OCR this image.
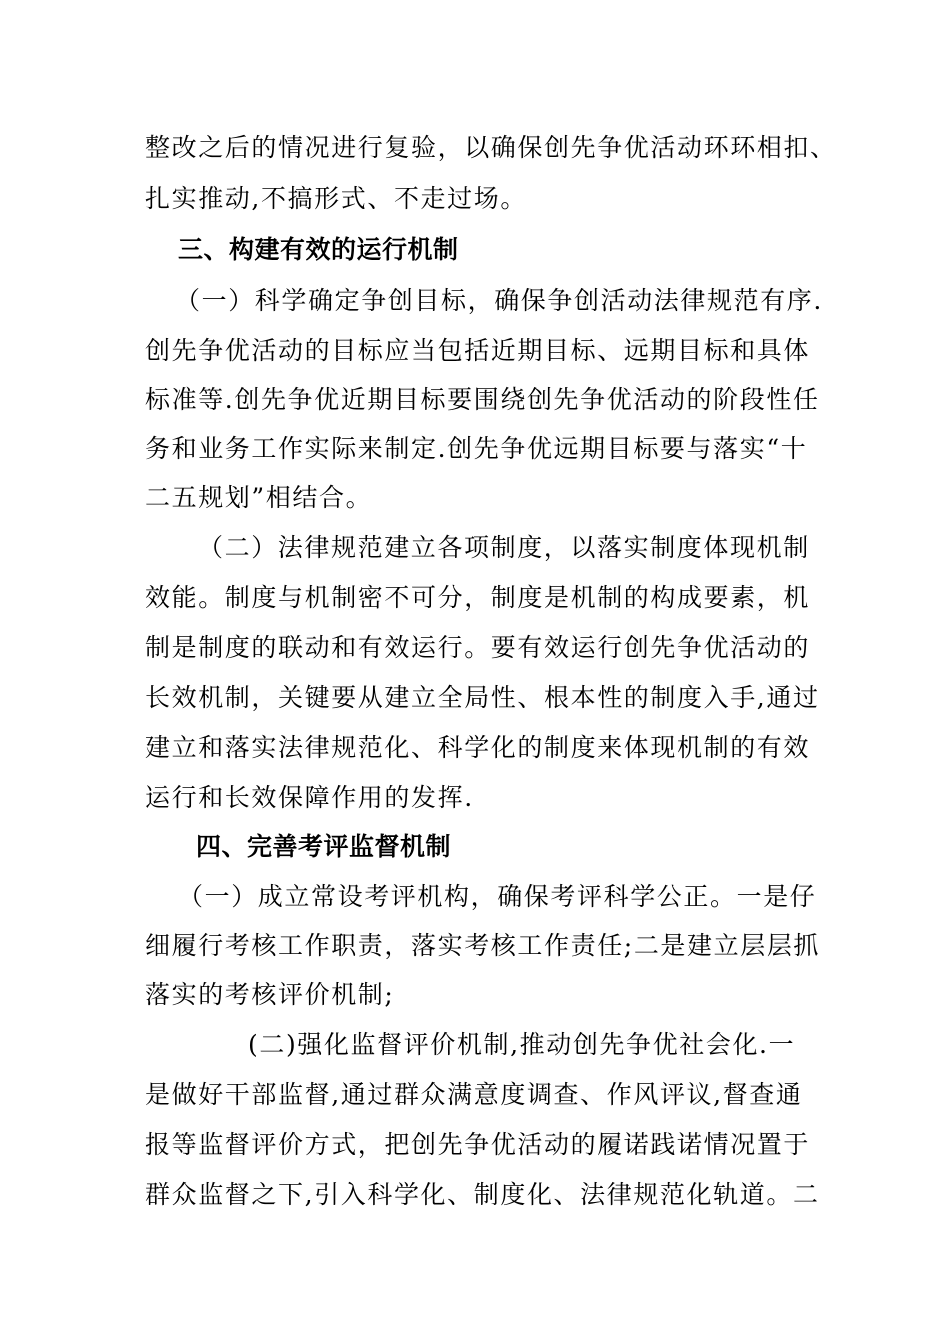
整改之后的情况进行复验，以确保创先争优活动环环相扣、
扎实推动,不搞形式、不走过场。
三、构建有效的运行机制
（一）科学确定争创目标，确保争创活动法律规范有序.
创先争优活动的目标应当包括近期目标、远期目标和具体
标准等.创先争优近期目标要围绕创先争优活动的阶段性任
务和业务工作实际来制定.创先争优远期目标要与落实“十
二五规划”相结合。
（二）法律规范建立各项制度，以落实制度体现机制
效能。制度与机制密不可分，制度是机制的构成要素，机
制是制度的联动和有效运行。要有效运行创先争优活动的
长效机制，关键要从建立全局性、根本性的制度入手,通过
建立和落实法律规范化、科学化的制度来体现机制的有效
运行和长效保障作用的发挥.
四、完善考评监督机制
（一）成立常设考评机构，确保考评科学公正。一是仔
细履行考核工作职责，落实考核工作责任;二是建立层层抓
落实的考核评价机制;
(二)强化监督评价机制,推动创先争优社会化.一
是做好干部监督,通过群众满意度调查、作风评议,督查通
报等监督评价方式，把创先争优活动的履诺践诺情况置于
群众监督之下,引入科学化、制度化、法律规范化轨道。二
